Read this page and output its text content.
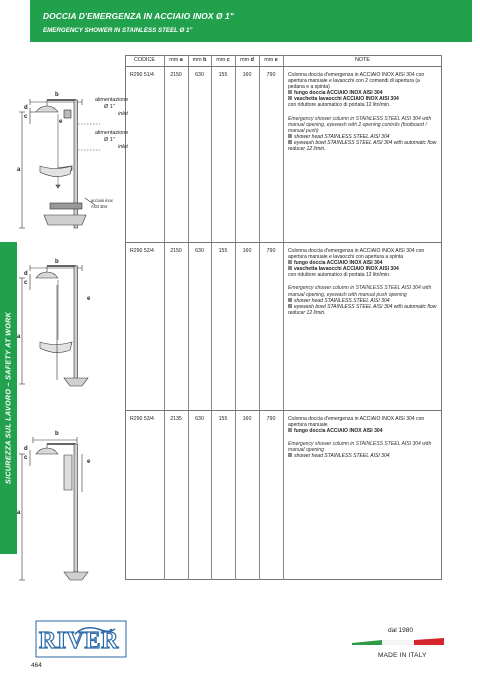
DOCCIA D'EMERGENZA IN ACCIAIO INOX Ø 1"
EMERGENCY SHOWER IN STAINLESS STEEL Ø 1"
SICUREZZA SUL LAVORO – SAFETY AT WORK
CODICE	mm a	mm b	mm c	mm d	mm e	NOTE
R290 51/4	2150	630	155	160	790	Colonna doccia d'emergenza in ACCIAIO INOX AISI 304 con apertura manuale e lavaocchi con 2 comandi di apertura (a pedana e a spinta)
fungo doccia ACCIAIO INOX AISI 304
vaschetta lavaocchi ACCIAIO INOX AISI 304
con riduttore automatico di portata 12 litri/min.
Emergency shower column in STAINLESS STEEL AISI 304 with manual opening, eyewash with 2 opening controls (footboard / manual push)
shower head STAINLESS STEEL AISI 304
eyewash bowl STAINLESS STEEL AISI 304 with automatic flow reducer 12 l/min.
R290 52/4	2150	630	155	160	790	Colonna doccia d'emergenza in ACCIAIO INOX AISI 304 con apertura manuale e lavaocchi con apertura a spinta
fungo doccia ACCIAIO INOX AISI 304
vaschetta lavaocchi ACCIAIO INOX AISI 304
con riduttore automatico di portata 12 litri/min.
Emergency shower column in STAINLESS STEEL AISI 304 with manual opening, eyewash with manual push opening
shower head STAINLESS STEEL AISI 304
eyewash bowl STAINLESS STEEL AISI 304 with automatic flow reducer 12 l/min.
R290 53/4	2135	630	155	160	790	Colonna doccia d'emergenza in ACCIAIO INOX AISI 304 con apertura manuale
fungo doccia ACCIAIO INOX AISI 304
Emergency shower column in STAINLESS STEEL AISI 304 with manual opening
shower head STAINLESS STEEL AISI 304
b
d
c
e
a
alimentazione
Ø 1"
inlet
alimentazione
Ø 1"
inlet
acciaio inox
AISI 304
b
d
c
e
a
b
d
c
e
a
RIVER	dal 1980
MADE IN ITALY
464
